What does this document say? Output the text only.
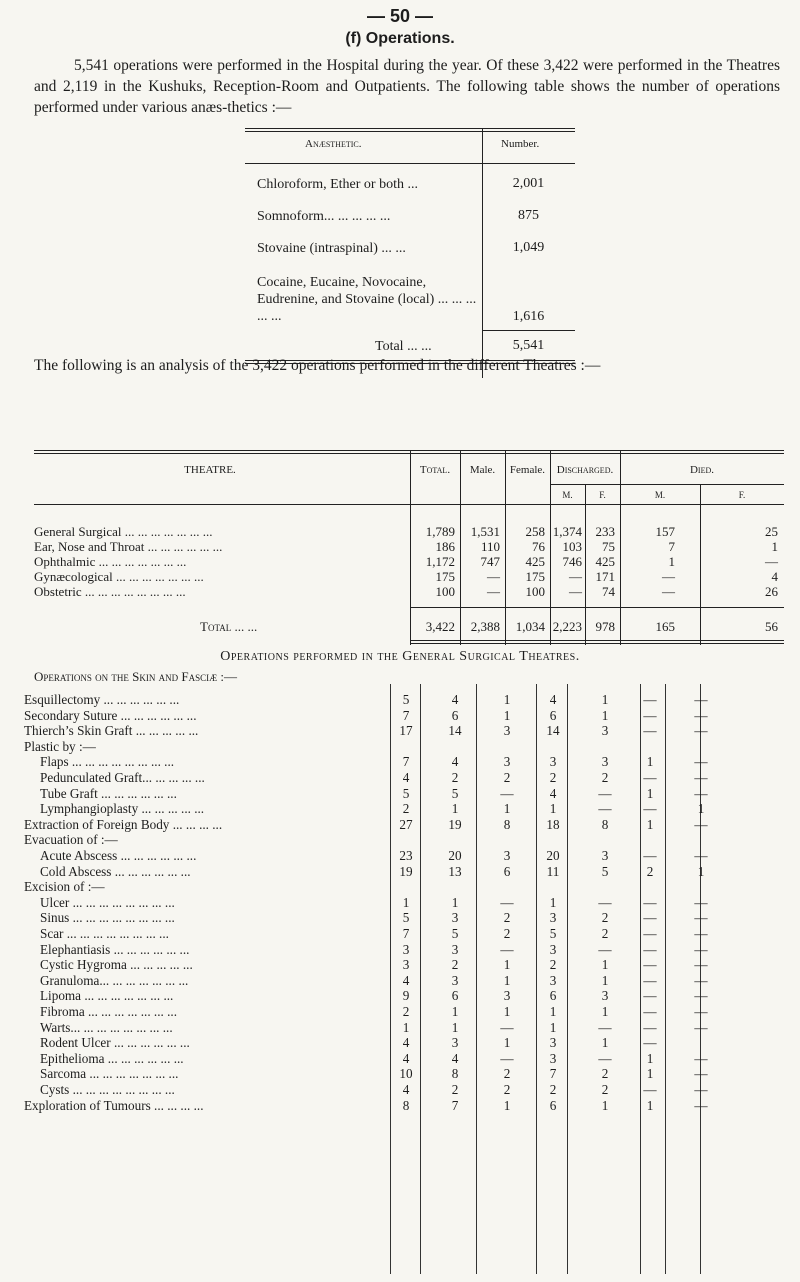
— 50 —
(f) Operations.
5,541 operations were performed in the Hospital during the year. Of these 3,422 were performed in the Theatres and 2,119 in the Kushuks, Reception-Room and Outpatients. The following table shows the number of operations performed under various anæs-thetics :—
Anæsthetic.	Number.
Chloroform, Ether or both ...	2,001
Somnoform... ... ... ... ...	875
Stovaine (intraspinal) ... ...	1,049
Cocaine, Eucaine, Novocaine, Eudrenine, and Stovaine (local) ... ... ... ... ...	1,616
Total ... ...	5,541
The following is an analysis of the 3,422 operations performed in the different Theatres :—
THEATRE.	Total.	Male.	Female.	Discharged.	Died.
M.	F.	M.	F.
General Surgical ... ... ... ... ... ... ...	1,789	1,531	258 1,374	233	157	25
Ear, Nose and Throat ... ... ... ... ... ...	186	110	76	103	75	7	1
Ophthalmic ... ... ... ... ... ... ...	1,172	747	425	746	425	1	—
Gynæcological ... ... ... ... ... ... ...	175	—	175	—	171	—	4
Obstetric ... ... ... ... ... ... ... ...	100	—	100	—	74	—	26
Total ... ...	3,422	2,388	1,034 2,223	978	165	56
Operations performed in the General Surgical Theatres.
Operations on the Skin and Fasciæ :—
Esquillectomy ... ... ... ... ... ...	5	4	1	4	1	—	—
Secondary Suture ... ... ... ... ... ...	7	6	1	6	1	—	—
Thierch’s Skin Graft ... ... ... ... ...	17	14	3	14	3	—	—
Plastic by :—
Flaps ... ... ... ... ... ... ... ...	7	4	3	3	3	1	—
Pedunculated Graft... ... ... ... ...	4	2	2	2	2	—	—
Tube Graft ... ... ... ... ... ...	5	5	—	4	—	1	—
Lymphangioplasty ... ... ... ... ...	2	1	1	1	—	—	1
Extraction of Foreign Body ... ... ... ...	27	19	8	18	8	1	—
Evacuation of :—
Acute Abscess ... ... ... ... ... ...	23	20	3	20	3	—	—
Cold Abscess ... ... ... ... ... ...	19	13	6	11	5	2	1
Excision of :—
Ulcer ... ... ... ... ... ... ... ...	1	1	—	1	—	—	—
Sinus ... ... ... ... ... ... ... ...	5	3	2	3	2	—	—
Scar ... ... ... ... ... ... ... ...	7	5	2	5	2	—	—
Elephantiasis ... ... ... ... ... ...	3	3	—	3	—	—	—
Cystic Hygroma ... ... ... ... ...	3	2	1	2	1	—	—
Granuloma... ... ... ... ... ... ...	4	3	1	3	1	—	—
Lipoma ... ... ... ... ... ... ...	9	6	3	6	3	—	—
Fibroma ... ... ... ... ... ... ...	2	1	1	1	1	—	—
Warts... ... ... ... ... ... ... ...	1	1	—	1	—	—	—
Rodent Ulcer ... ... ... ... ... ...	4	3	1	3	1	—
Epithelioma ... ... ... ... ... ...	4	4	—	3	—	1	—
Sarcoma ... ... ... ... ... ... ...	10	8	2	7	2	1	—
Cysts ... ... ... ... ... ... ... ...	4	2	2	2	2	—	—
Exploration of Tumours ... ... ... ...	8	7	1	6	1	1	—
